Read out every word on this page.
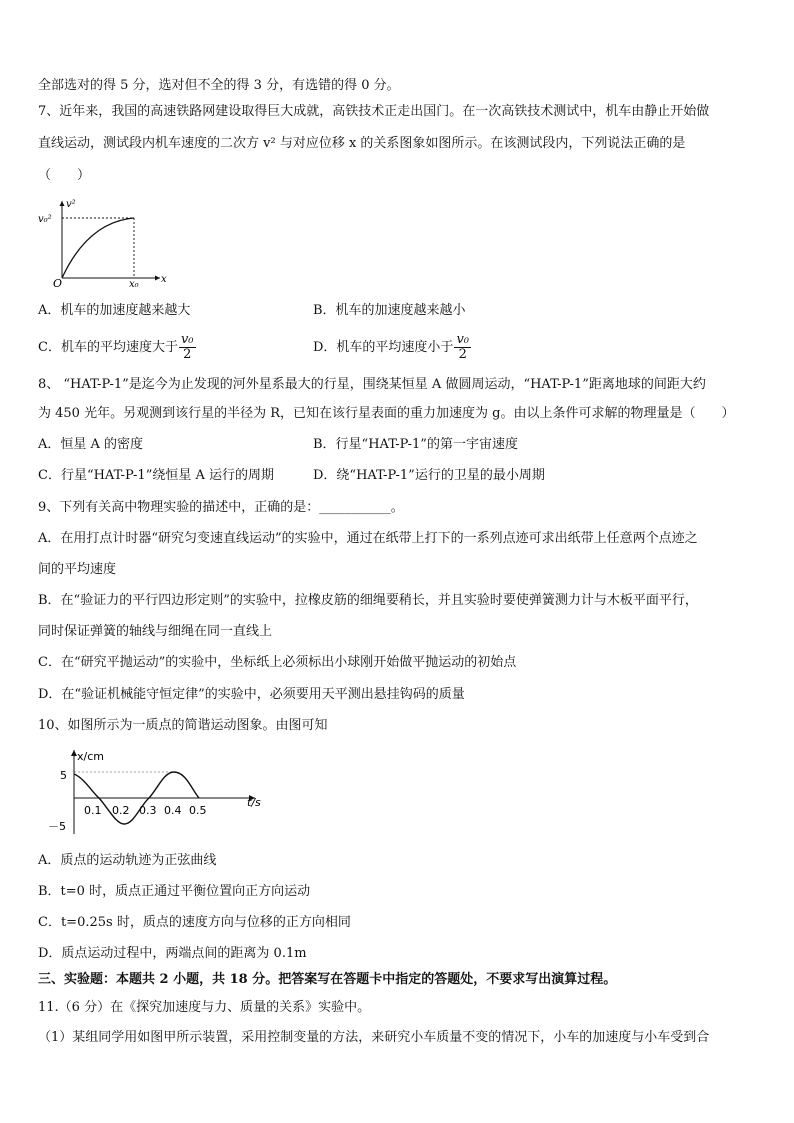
全部选对的得 5 分，选对但不全的得 3 分，有选错的得 0 分。
7、近年来，我国的高速铁路网建设取得巨大成就，高铁技术正走出国门。在一次高铁技术测试中，机车由静止开始做
直线运动，测试段内机车速度的二次方 v² 与对应位移 x 的关系图象如图所示。在该测试段内，下列说法正确的是
（　　）
v²
x
O
v₀²
x₀
A．机车的加速度越来越大	B．机车的加速度越来越小
C．机车的平均速度大于 $\frac{\text{v₀}}{2}$	D．机车的平均速度小于 $\frac{\text{v₀}}{2}$
8、 “HAT-P-1”是迄今为止发现的河外星系最大的行星，围绕某恒星 A 做圆周运动，“HAT-P-1”距离地球的间距大约
为 450 光年。另观测到该行星的半径为 R，已知在该行星表面的重力加速度为 g。由以上条件可求解的物理量是（　　）
A．恒星 A 的密度	B．行星“HAT-P-1”的第一宇宙速度
C．行星“HAT-P-1”绕恒星 A 运行的周期	D．绕“HAT-P-1”运行的卫星的最小周期
9、下列有关高中物理实验的描述中，正确的是：___________。
A．在用打点计时器“研究匀变速直线运动”的实验中，通过在纸带上打下的一系列点迹可求出纸带上任意两个点迹之
间的平均速度
B．在“验证力的平行四边形定则”的实验中，拉橡皮筋的细绳要稍长，并且实验时要使弹簧测力计与木板平面平行，
同时保证弹簧的轴线与细绳在同一直线上
C．在“研究平抛运动”的实验中，坐标纸上必须标出小球刚开始做平抛运动的初始点
D．在“验证机械能守恒定律”的实验中，必须要用天平测出悬挂钩码的质量
10、如图所示为一质点的简谐运动图象。由图可知
x/cm
t/s
5
－5
0.1 0.2 0.3 0.4 0.5
A．质点的运动轨迹为正弦曲线
B．t=0 时，质点正通过平衡位置向正方向运动
C．t=0.25s 时，质点的速度方向与位移的正方向相同
D．质点运动过程中，两端点间的距离为 0.1m
三、实验题：本题共 2 小题，共 18 分。把答案写在答题卡中指定的答题处，不要求写出演算过程。
11.（6 分）在《探究加速度与力、质量的关系》实验中。
（1）某组同学用如图甲所示装置，采用控制变量的方法，来研究小车质量不变的情况下，小车的加速度与小车受到合
